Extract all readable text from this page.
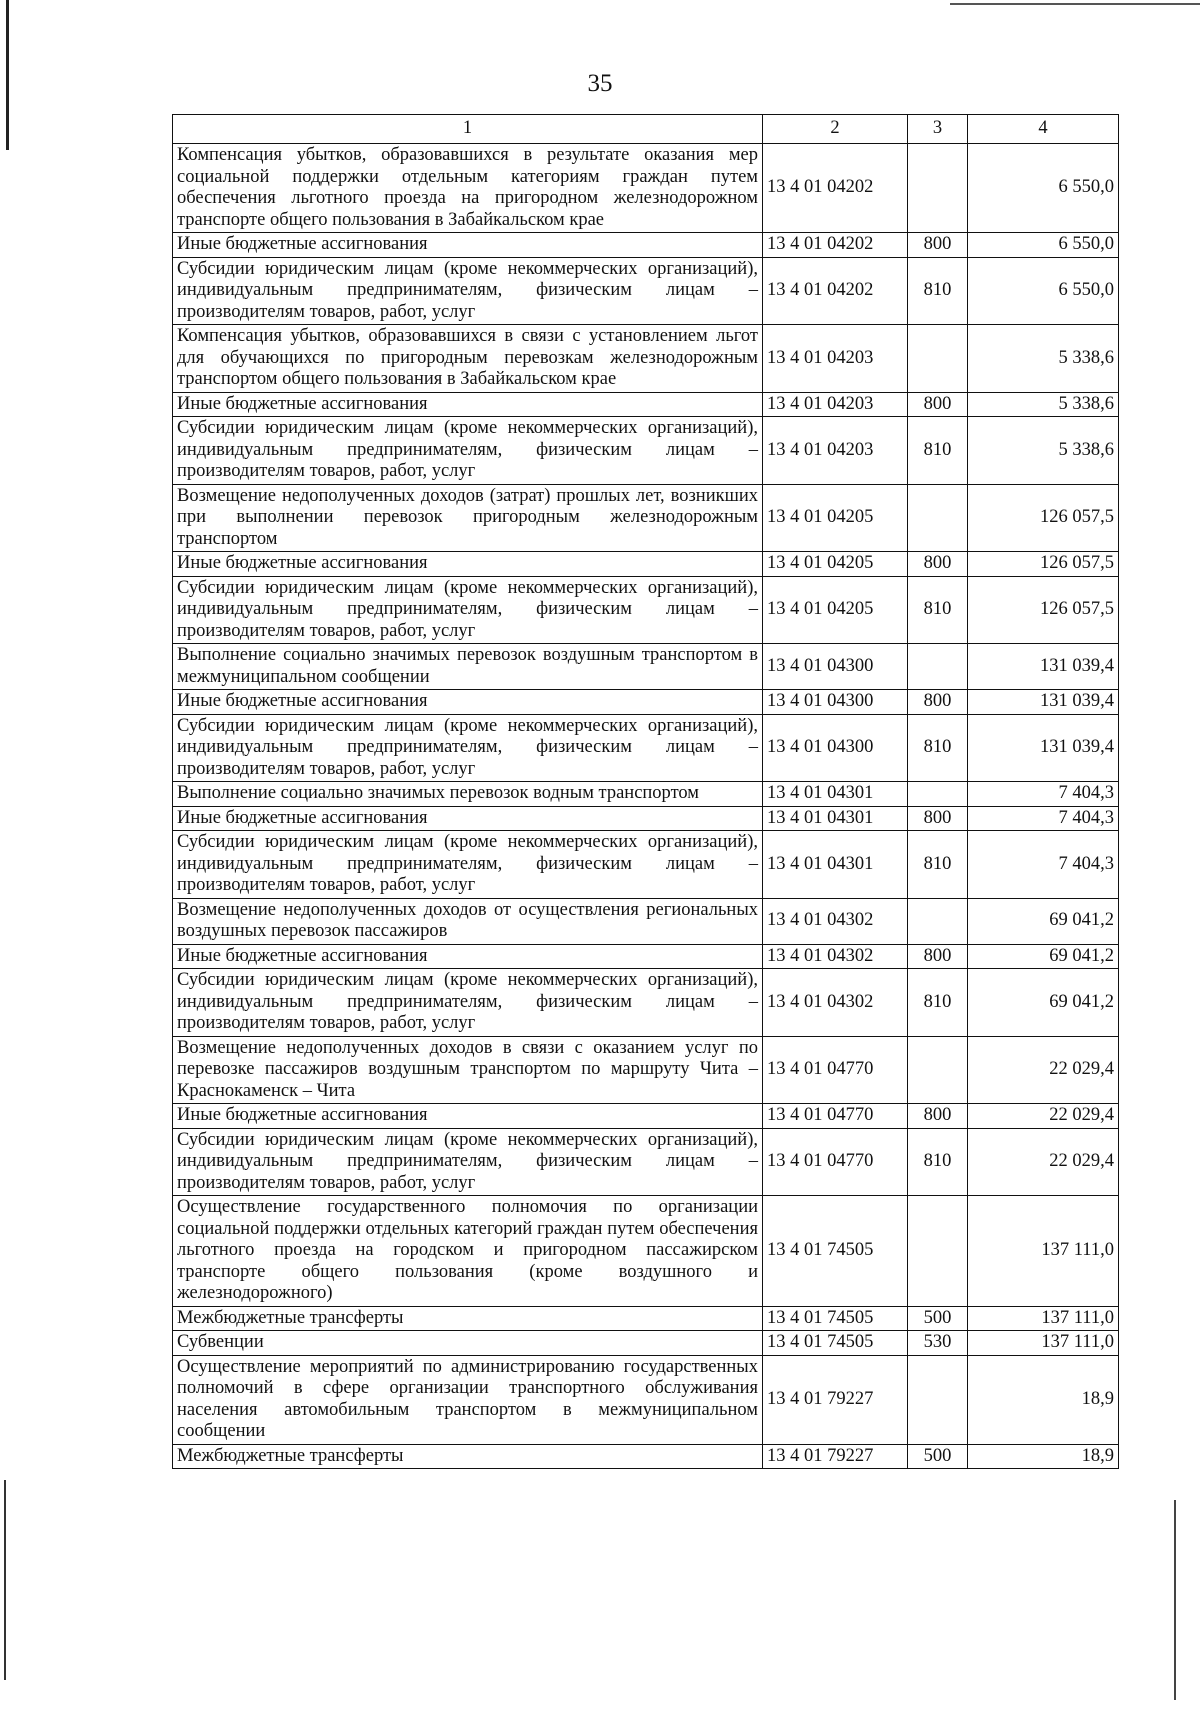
35
1	2	3	4
Компенсация убытков, образовавшихся в результате оказания мер социальной поддержки отдельным категориям граждан путем обеспечения льготного проезда на пригородном железнодорожном транспорте общего пользования в Забайкальском крае	13 4 01 04202		6 550,0
Иные бюджетные ассигнования	13 4 01 04202	800	6 550,0
Субсидии юридическим лицам (кроме некоммерческих организаций), индивидуальным предпринимателям, физическим лицам – производителям товаров, работ, услуг	13 4 01 04202	810	6 550,0
Компенсация убытков, образовавшихся в связи с установлением льгот для обучающихся по пригородным перевозкам железнодорожным транспортом общего пользования в Забайкальском крае	13 4 01 04203		5 338,6
Иные бюджетные ассигнования	13 4 01 04203	800	5 338,6
Субсидии юридическим лицам (кроме некоммерческих организаций), индивидуальным предпринимателям, физическим лицам – производителям товаров, работ, услуг	13 4 01 04203	810	5 338,6
Возмещение недополученных доходов (затрат) прошлых лет, возникших при выполнении перевозок пригородным железнодорожным транспортом	13 4 01 04205		126 057,5
Иные бюджетные ассигнования	13 4 01 04205	800	126 057,5
Субсидии юридическим лицам (кроме некоммерческих организаций), индивидуальным предпринимателям, физическим лицам – производителям товаров, работ, услуг	13 4 01 04205	810	126 057,5
Выполнение социально значимых перевозок воздушным транспортом в межмуниципальном сообщении	13 4 01 04300		131 039,4
Иные бюджетные ассигнования	13 4 01 04300	800	131 039,4
Субсидии юридическим лицам (кроме некоммерческих организаций), индивидуальным предпринимателям, физическим лицам – производителям товаров, работ, услуг	13 4 01 04300	810	131 039,4
Выполнение социально значимых перевозок водным транспортом	13 4 01 04301		7 404,3
Иные бюджетные ассигнования	13 4 01 04301	800	7 404,3
Субсидии юридическим лицам (кроме некоммерческих организаций), индивидуальным предпринимателям, физическим лицам – производителям товаров, работ, услуг	13 4 01 04301	810	7 404,3
Возмещение недополученных доходов от осуществления региональных воздушных перевозок пассажиров	13 4 01 04302		69 041,2
Иные бюджетные ассигнования	13 4 01 04302	800	69 041,2
Субсидии юридическим лицам (кроме некоммерческих организаций), индивидуальным предпринимателям, физическим лицам – производителям товаров, работ, услуг	13 4 01 04302	810	69 041,2
Возмещение недополученных доходов в связи с оказанием услуг по перевозке пассажиров воздушным транспортом по маршруту Чита – Краснокаменск – Чита	13 4 01 04770		22 029,4
Иные бюджетные ассигнования	13 4 01 04770	800	22 029,4
Субсидии юридическим лицам (кроме некоммерческих организаций), индивидуальным предпринимателям, физическим лицам – производителям товаров, работ, услуг	13 4 01 04770	810	22 029,4
Осуществление государственного полномочия по организации социальной поддержки отдельных категорий граждан путем обеспечения льготного проезда на городском и пригородном пассажирском транспорте общего пользования (кроме воздушного и железнодорожного)	13 4 01 74505		137 111,0
Межбюджетные трансферты	13 4 01 74505	500	137 111,0
Субвенции	13 4 01 74505	530	137 111,0
Осуществление мероприятий по администрированию государственных полномочий в сфере организации транспортного обслуживания населения автомобильным транспортом в межмуниципальном сообщении	13 4 01 79227		18,9
Межбюджетные трансферты	13 4 01 79227	500	18,9
